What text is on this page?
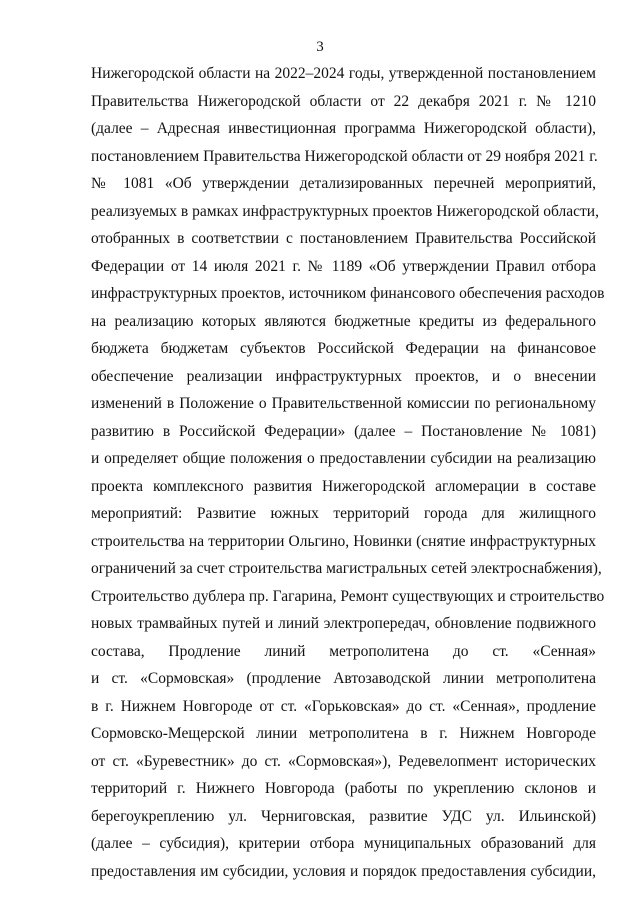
3
Нижегородской области на 2022–2024 годы, утвержденной постановлением
Правительства Нижегородской области от 22 декабря 2021 г. № 1210
(далее – Адресная инвестиционная программа Нижегородской области),
постановлением Правительства Нижегородской области от 29 ноября 2021 г.
№ 1081 «Об утверждении детализированных перечней мероприятий,
реализуемых в рамках инфраструктурных проектов Нижегородской области,
отобранных в соответствии с постановлением Правительства Российской
Федерации от 14 июля 2021 г. № 1189 «Об утверждении Правил отбора
инфраструктурных проектов, источником финансового обеспечения расходов
на реализацию которых являются бюджетные кредиты из федерального
бюджета бюджетам субъектов Российской Федерации на финансовое
обеспечение реализации инфраструктурных проектов, и о внесении
изменений в Положение о Правительственной комиссии по региональному
развитию в Российской Федерации» (далее – Постановление № 1081)
и определяет общие положения о предоставлении субсидии на реализацию
проекта комплексного развития Нижегородской агломерации в составе
мероприятий: Развитие южных территорий города для жилищного
строительства на территории Ольгино, Новинки (снятие инфраструктурных
ограничений за счет строительства магистральных сетей электроснабжения),
Строительство дублера пр. Гагарина, Ремонт существующих и строительство
новых трамвайных путей и линий электропередач, обновление подвижного
состава, Продление линий метрополитена до ст. «Сенная»
и ст. «Сормовская» (продление Автозаводской линии метрополитена
в г. Нижнем Новгороде от ст. «Горьковская» до ст. «Сенная», продление
Сормовско-Мещерской линии метрополитена в г. Нижнем Новгороде
от ст. «Буревестник» до ст. «Сормовская»), Редевелопмент исторических
территорий г. Нижнего Новгорода (работы по укреплению склонов и
берегоукреплению ул. Черниговская, развитие УДС ул. Ильинской)
(далее – субсидия), критерии отбора муниципальных образований для
предоставления им субсидии, условия и порядок предоставления субсидии,
